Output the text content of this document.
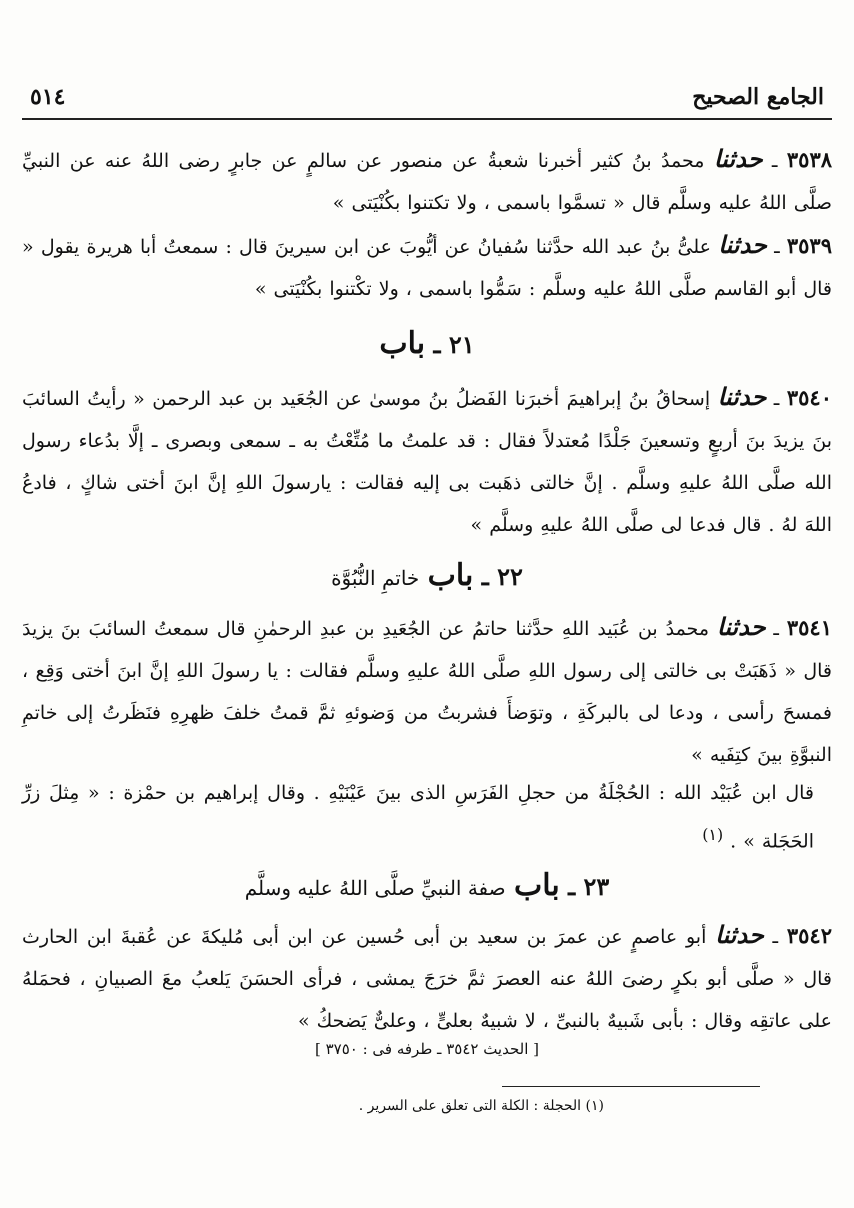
الجامع الصحيح
٥١٤
٣٥٣٨ ـ حدثنا محمدُ بنُ كثير أخبرنا شعبةُ عن منصور عن سالمٍ عن جابرٍ رضى اللهُ عنه عن النبيِّ صلَّى اللهُ عليه وسلَّم قال « تسمَّوا باسمى ، ولا تكتنوا بكُنْيَتى »
٣٥٣٩ ـ حدثنا علىُّ بنُ عبد الله حدَّثنا سُفيانُ عن أيُّوبَ عن ابن سيرينَ قال : سمعتُ أبا هريرة يقول « قال أبو القاسم صلَّى اللهُ عليه وسلَّم : سَمُّوا باسمى ، ولا تكْتنوا بكُنْيَتى »
٢١ ـ باب
٣٥٤٠ ـ حدثنا إسحاقُ بنُ إبراهيمَ أخبرَنا الفَضلُ بنُ موسىٰ عن الجُعَيد بن عبد الرحمن « رأيتُ السائبَ بنَ يزيدَ بنَ أربعٍ وتسعينَ جَلْدًا مُعتدلاً فقال : قد علمتُ ما مُتِّعْتُ به ـ سمعى وبصرى ـ إلَّا بدُعاء رسول الله صلَّى اللهُ عليهِ وسلَّم . إنَّ خالتى ذهَبت بى إليه فقالت : يارسولَ اللهِ إنَّ ابنَ أختى شاكٍ ، فادعُ اللهَ لهُ . قال فدعا لى صلَّى اللهُ عليهِ وسلَّم »
٢٢ ـ باب خاتمِ النُّبُوَّة
٣٥٤١ ـ حدثنا محمدُ بن عُبَيد اللهِ حدَّثنا حاتمُ عن الجُعَيدِ بن عبدِ الرحمٰنِ قال سمعتُ السائبَ بنَ يزيدَ قال « ذَهَبَتْ بى خالتى إلى رسول اللهِ صلَّى اللهُ عليهِ وسلَّم فقالت : يا رسولَ اللهِ إنَّ ابنَ أختى وَقِع ، فمسحَ رأسى ، ودعا لى بالبركَةِ ، وتوَضأَ فشربتُ من وَضوئهِ ثمَّ قمتُ خلفَ ظهرِهِ فنَظَرتُ إلى خاتمِ النبوَّةِ بينَ كتِفَيه »
قال ابن عُبَيْد الله : الحُجْلَةُ من حجلِ الفَرَسِ الذى بينَ عَيْنَيْهِ . وقال إبراهيم بن حمْزة : « مِثلَ زرِّ الحَجَلة » . $^{(١)}$
٢٣ ـ باب صفة النبيِّ صلَّى اللهُ عليه وسلَّم
٣٥٤٢ ـ حدثنا أبو عاصمٍ عن عمرَ بن سعيد بن أبى حُسين عن ابن أبى مُليكةَ عن عُقبةَ ابن الحارث قال « صلَّى أبو بكرٍ رضىَ اللهُ عنه العصرَ ثمَّ خرَجَ يمشى ، فرأى الحسَنَ يَلعبُ معَ الصبيانِ ، فحمَلهُ على عاتقِه وقال : بأبى شَبيهٌ بالنبىِّ ، لا شبيهٌ بعلىٍّ ، وعلىٌّ يَضحكُ »
[ الحديث ٣٥٤٢ ـ طرفه فى : ٣٧٥٠ ]
(١) الحجلة : الكلة التى تعلق على السرير .
